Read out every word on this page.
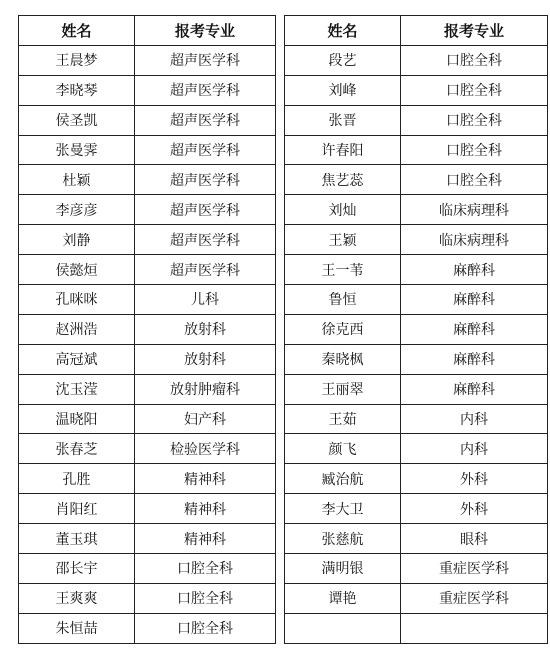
姓名	报考专业
王晨梦	超声医学科
李晓琴	超声医学科
侯圣凯	超声医学科
张曼霁	超声医学科
杜颖	超声医学科
李彦彦	超声医学科
刘静	超声医学科
侯懿烜	超声医学科
孔咪咪	儿科
赵洲浩	放射科
高冠斌	放射科
沈玉滢	放射肿瘤科
温晓阳	妇产科
张春芝	检验医学科
孔胜	精神科
肖阳红	精神科
董玉琪	精神科
邵长宇	口腔全科
王爽爽	口腔全科
朱恒喆	口腔全科
姓名	报考专业
段艺	口腔全科
刘峰	口腔全科
张晋	口腔全科
许春阳	口腔全科
焦艺蕊	口腔全科
刘灿	临床病理科
王颖	临床病理科
王一苇	麻醉科
鲁恒	麻醉科
徐克西	麻醉科
秦晓枫	麻醉科
王丽翠	麻醉科
王茹	内科
颜飞	内科
臧治航	外科
李大卫	外科
张慈航	眼科
满明银	重症医学科
谭艳	重症医学科
